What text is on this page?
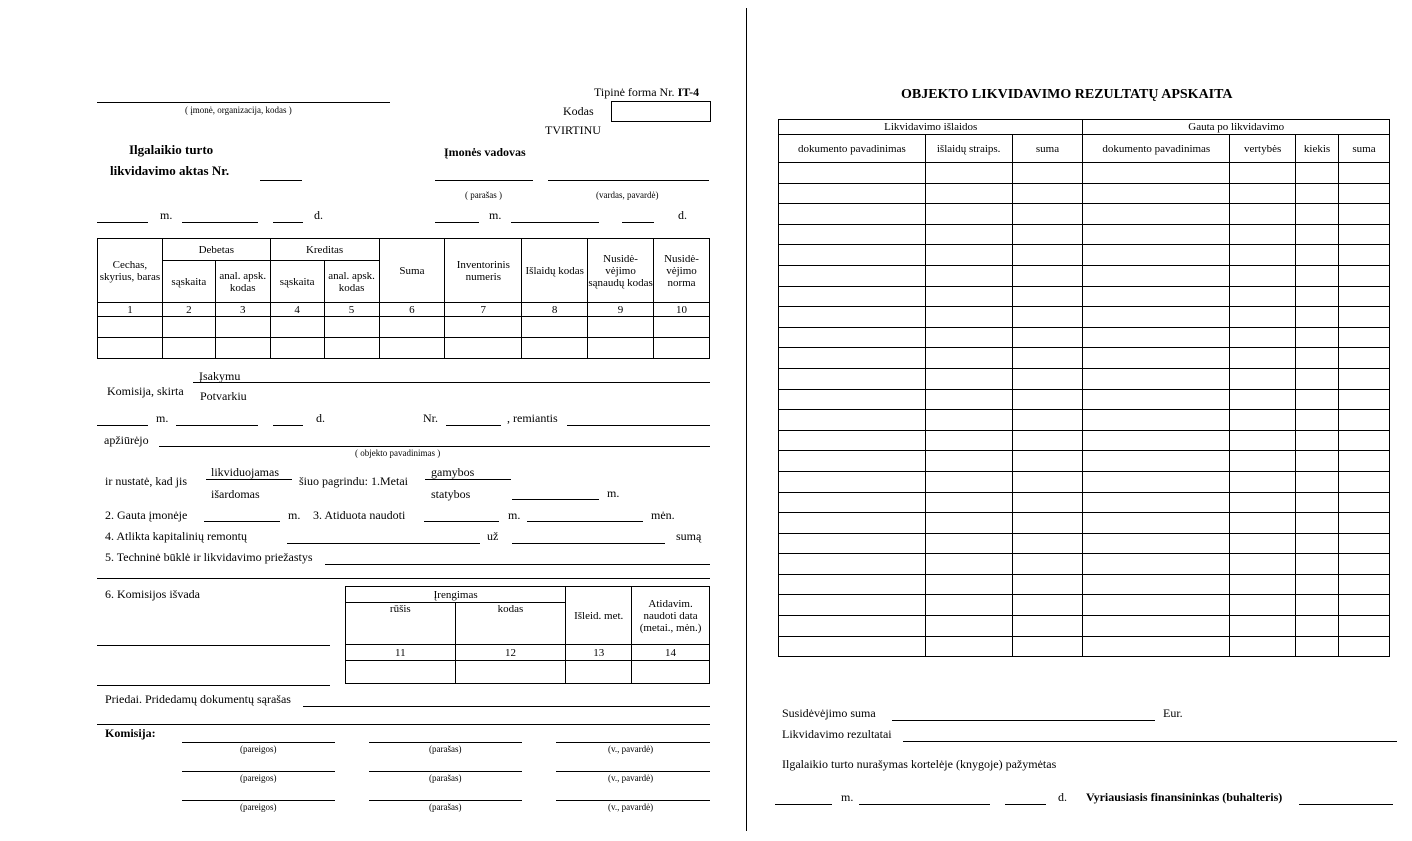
Tipinė forma Nr. IT-4
( įmonė, organizacija, kodas )	Kodas
TVIRTINU
Ilgalaikio turto
likvidavimo aktas Nr.
Įmonės vadovas
( parašas )	(vardas, pavardė)
m.	d.	m.	d.
Cechas, skyrius, baras	Debetas		Kreditas		Suma	Inventorinis numeris	Išlaidų kodas	Nusidė- vėjimo sąnaudų kodas	Nusidė- vėjimo norma
	sąskaita	anal. apsk. kodas	sąskaita	anal. apsk. kodas					
1	2	3	4	5	6	7	8	9	10

Komisija, skirta
Įsakymu
Potvarkiu
m.	d.	Nr.	, remiantis
apžiūrėjo
( objekto pavadinimas )
ir nustatė, kad jis
likviduojamas
išardomas
šiuo pagrindu: 1.Metai
gamybos
statybos	m.
2. Gauta įmonėje	m. 3. Atiduota naudoti	m.	mėn.
4. Atlikta kapitalinių remontų	už	sumą
5. Techninė būklė ir likvidavimo priežastys
6. Komisijos išvada	Įrengimas		Išleid. met.	Atidavim. naudoti data (metai., mėn.)
rūšis	kodas		
11	12	13	14

Priedai. Pridedamų dokumentų sąrašas
Komisija:
(pareigos)	(parašas)	(v., pavardė)
(pareigos)	(parašas)	(v., pavardė)
(pareigos)	(parašas)	(v., pavardė)
OBJEKTO LIKVIDAVIMO REZULTATŲ APSKAITA
Likvidavimo išlaidos			Gauta po likvidavimo			
dokumento pavadinimas	išlaidų straips.	suma	dokumento pavadinimas	vertybės	kiekis	suma

Susidėvėjimo suma	Eur.
Likvidavimo rezultatai
Ilgalaikio turto nurašymas kortelėje (knygoje) pažymėtas
m.	d. Vyriausiasis finansininkas (buhalteris)
